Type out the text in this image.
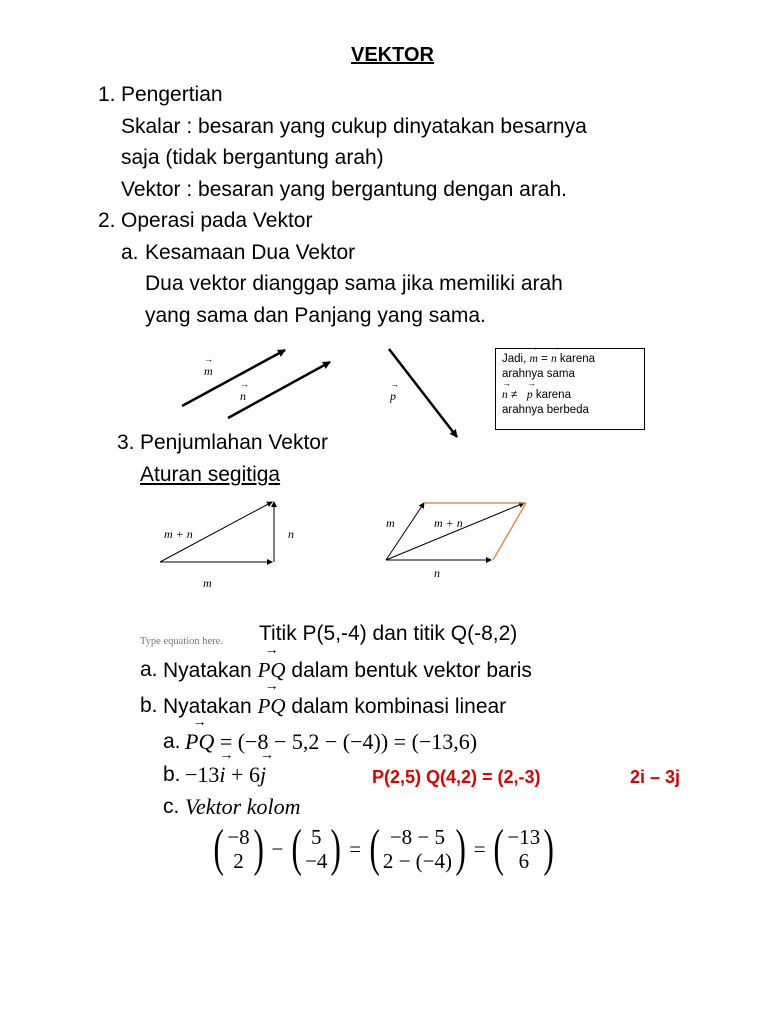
VEKTOR
1. Pengertian
Skalar : besaran yang cukup dinyatakan besarnya
saja (tidak bergantung arah)
Vektor : besaran yang bergantung dengan arah.
2. Operasi pada Vektor
a. Kesamaan Dua Vektor
Dua vektor dianggap sama jika memiliki arah
yang sama dan Panjang yang sama.
→ m
→ n	→ p
Jadi, → m = → n karena
arahnya sama
→ n ≠ → p karena
arahnya berbeda
3. Penjumlahan Vektor
Aturan segitiga
m + n	n
m
m	m + n
n
Type equation here. Titik P(5,-4) dan titik Q(-8,2)
a. Nyatakan → PQ dalam bentuk vektor baris
b. Nyatakan → PQ dalam kombinasi linear
a. → PQ = (−8 − 5,2 − (−4)) = (−13,6)
b. −13→ i + 6→ j	P(2,5) Q(4,2) = (2,-3)	2i – 3j
c. Vektor kolom
( −8
2 ) − ( 5
−4 ) = ( −8 − 5
2 − (−4) ) = ( −13
6 )
